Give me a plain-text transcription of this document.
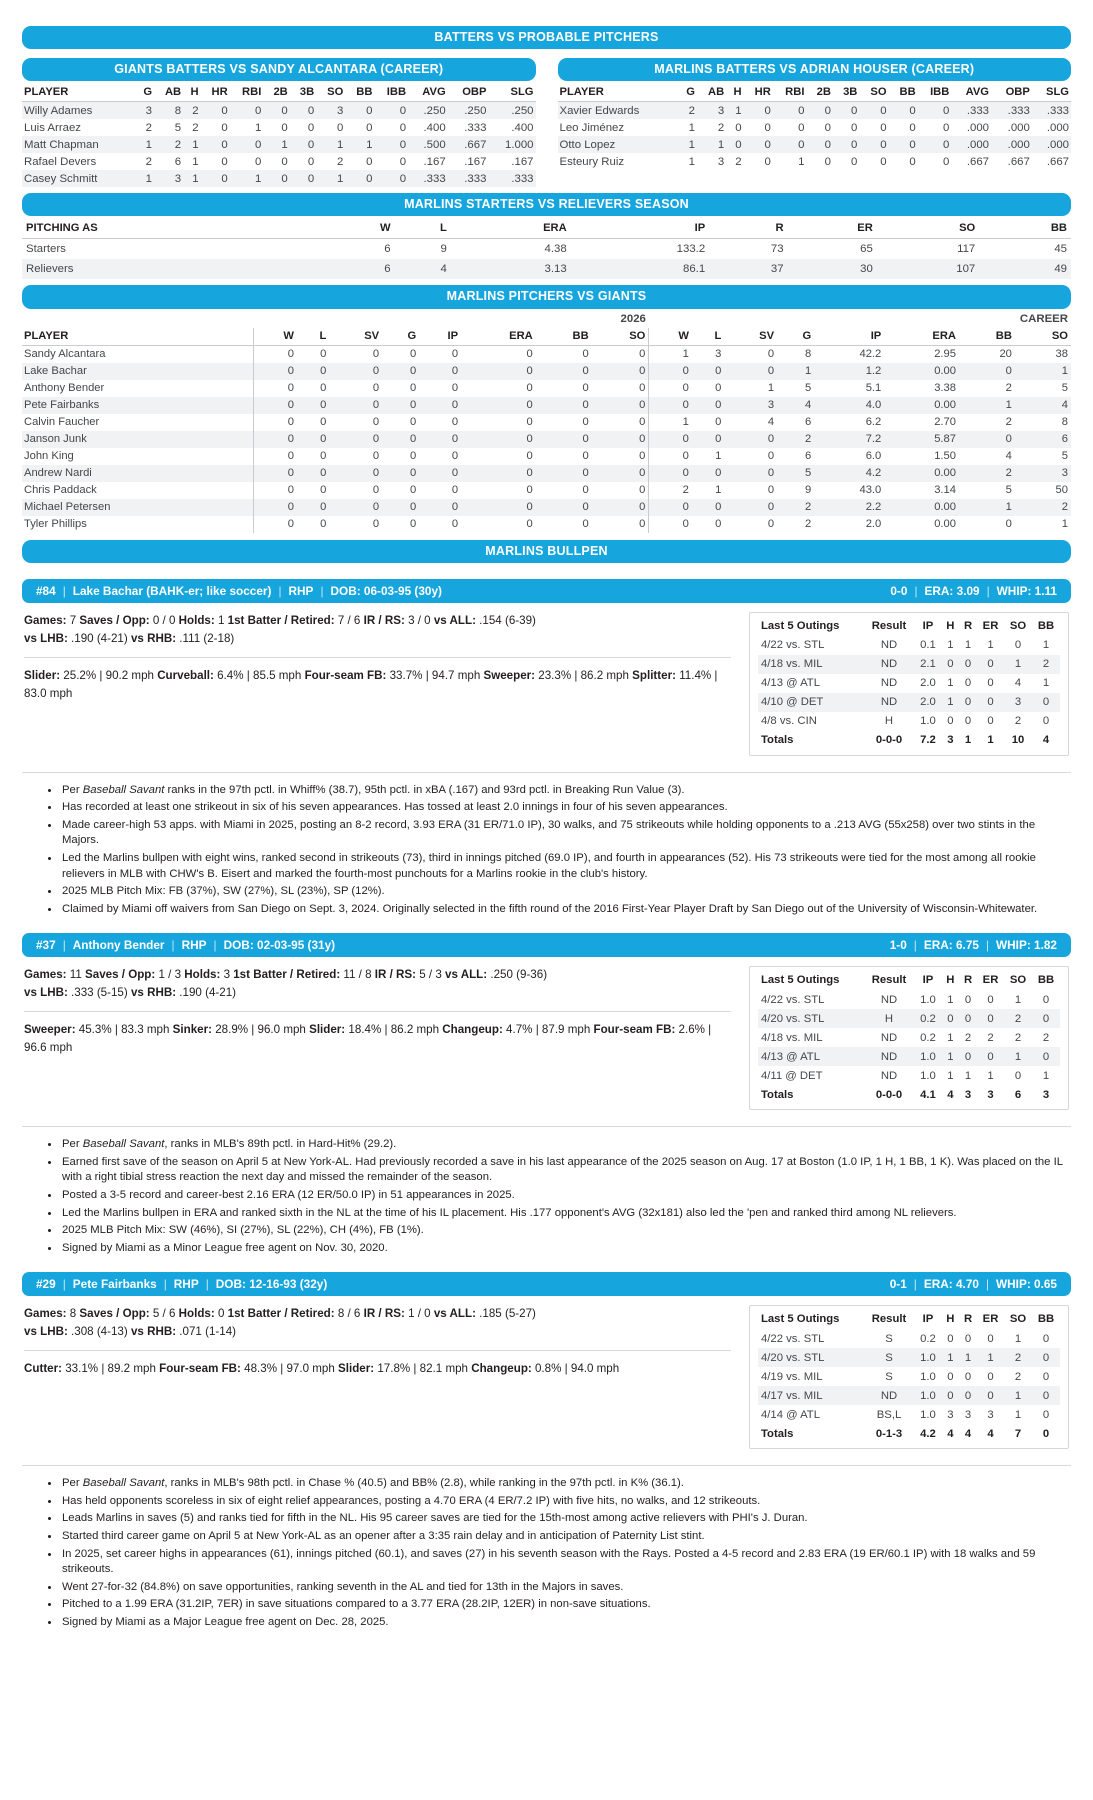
BATTERS VS PROBABLE PITCHERS
GIANTS BATTERS VS SANDY ALCANTARA (CAREER)
PLAYER	G	AB	H	HR	RBI	2B	3B	SO	BB	IBB	AVG	OBP	SLG
Willy Adames	3	8	2	0	0	0	0	3	0	0	.250	.250	.250
Luis Arraez	2	5	2	0	1	0	0	0	0	0	.400	.333	.400
Matt Chapman	1	2	1	0	0	1	0	1	1	0	.500	.667	1.000
Rafael Devers	2	6	1	0	0	0	0	2	0	0	.167	.167	.167
Casey Schmitt	1	3	1	0	1	0	0	1	0	0	.333	.333	.333
MARLINS BATTERS VS ADRIAN HOUSER (CAREER)
PLAYER	G	AB	H	HR	RBI	2B	3B	SO	BB	IBB	AVG	OBP	SLG
Xavier Edwards	2	3	1	0	0	0	0	0	0	0	.333	.333	.333
Leo Jiménez	1	2	0	0	0	0	0	0	0	0	.000	.000	.000
Otto Lopez	1	1	0	0	0	0	0	0	0	0	.000	.000	.000
Esteury Ruiz	1	3	2	0	1	0	0	0	0	0	.667	.667	.667
MARLINS STARTERS VS RELIEVERS SEASON
PITCHING AS	W	L	ERA	IP	R	ER	SO	BB
Starters	6	9	4.38	133.2	73	65	117	45
Relievers	6	4	3.13	86.1	37	30	107	49
MARLINS PITCHERS VS GIANTS
	2026								CAREER							
PLAYER	W	L	SV	G	IP	ERA	BB	SO	W	L	SV	G	IP	ERA	BB	SO
Sandy Alcantara	0	0	0	0	0	0	0	0	1	3	0	8	42.2	2.95	20	38
Lake Bachar	0	0	0	0	0	0	0	0	0	0	0	1	1.2	0.00	0	1
Anthony Bender	0	0	0	0	0	0	0	0	0	0	1	5	5.1	3.38	2	5
Pete Fairbanks	0	0	0	0	0	0	0	0	0	0	3	4	4.0	0.00	1	4
Calvin Faucher	0	0	0	0	0	0	0	0	1	0	4	6	6.2	2.70	2	8
Janson Junk	0	0	0	0	0	0	0	0	0	0	0	2	7.2	5.87	0	6
John King	0	0	0	0	0	0	0	0	0	1	0	6	6.0	1.50	4	5
Andrew Nardi	0	0	0	0	0	0	0	0	0	0	0	5	4.2	0.00	2	3
Chris Paddack	0	0	0	0	0	0	0	0	2	1	0	9	43.0	3.14	5	50
Michael Petersen	0	0	0	0	0	0	0	0	0	0	0	2	2.2	0.00	1	2
Tyler Phillips	0	0	0	0	0	0	0	0	0	0	0	2	2.0	0.00	0	1
MARLINS BULLPEN
#84 | Lake Bachar (BAHK-er; like soccer) | RHP | DOB: 06-03-95 (30y)	0-0 | ERA: 3.09 | WHIP: 1.11
Games: 7 Saves / Opp: 0 / 0 Holds: 1 1st Batter / Retired: 7 / 6 IR / RS: 3 / 0 vs ALL: .154 (6-39)
vs LHB: .190 (4-21) vs RHB: .111 (2-18)
Slider: 25.2% | 90.2 mph Curveball: 6.4% | 85.5 mph Four-seam FB: 33.7% | 94.7 mph Sweeper: 23.3% | 86.2 mph Splitter: 11.4% | 83.0 mph
Last 5 Outings	Result	IP	H	R	ER	SO	BB
4/22 vs. STL	ND	0.1	1	1	1	0	1
4/18 vs. MIL	ND	2.1	0	0	0	1	2
4/13 @ ATL	ND	2.0	1	0	0	4	1
4/10 @ DET	ND	2.0	1	0	0	3	0
4/8 vs. CIN	H	1.0	0	0	0	2	0
Totals	0-0-0	7.2	3	1	1	10	4
• Per Baseball Savant ranks in the 97th pctl. in Whiff% (38.7), 95th pctl. in xBA (.167) and 93rd pctl. in Breaking Run Value (3).
• Has recorded at least one strikeout in six of his seven appearances. Has tossed at least 2.0 innings in four of his seven appearances.
• Made career-high 53 apps. with Miami in 2025, posting an 8-2 record, 3.93 ERA (31 ER/71.0 IP), 30 walks, and 75 strikeouts while holding opponents to a .213 AVG (55x258) over two stints in the Majors.
• Led the Marlins bullpen with eight wins, ranked second in strikeouts (73), third in innings pitched (69.0 IP), and fourth in appearances (52). His 73 strikeouts were tied for the most among all rookie relievers in MLB with CHW's B. Eisert and marked the fourth-most punchouts for a Marlins rookie in the club's history.
• 2025 MLB Pitch Mix: FB (37%), SW (27%), SL (23%), SP (12%).
• Claimed by Miami off waivers from San Diego on Sept. 3, 2024. Originally selected in the fifth round of the 2016 First-Year Player Draft by San Diego out of the University of Wisconsin-Whitewater.
#37 | Anthony Bender | RHP | DOB: 02-03-95 (31y)	1-0 | ERA: 6.75 | WHIP: 1.82
Games: 11 Saves / Opp: 1 / 3 Holds: 3 1st Batter / Retired: 11 / 8 IR / RS: 5 / 3 vs ALL: .250 (9-36)
vs LHB: .333 (5-15) vs RHB: .190 (4-21)
Sweeper: 45.3% | 83.3 mph Sinker: 28.9% | 96.0 mph Slider: 18.4% | 86.2 mph Changeup: 4.7% | 87.9 mph Four-seam FB: 2.6% | 96.6 mph
Last 5 Outings	Result	IP	H	R	ER	SO	BB
4/22 vs. STL	ND	1.0	1	0	0	1	0
4/20 vs. STL	H	0.2	0	0	0	2	0
4/18 vs. MIL	ND	0.2	1	2	2	2	2
4/13 @ ATL	ND	1.0	1	0	0	1	0
4/11 @ DET	ND	1.0	1	1	1	0	1
Totals	0-0-0	4.1	4	3	3	6	3
• Per Baseball Savant, ranks in MLB's 89th pctl. in Hard-Hit% (29.2).
• Earned first save of the season on April 5 at New York-AL. Had previously recorded a save in his last appearance of the 2025 season on Aug. 17 at Boston (1.0 IP, 1 H, 1 BB, 1 K). Was placed on the IL with a right tibial stress reaction the next day and missed the remainder of the season.
• Posted a 3-5 record and career-best 2.16 ERA (12 ER/50.0 IP) in 51 appearances in 2025.
• Led the Marlins bullpen in ERA and ranked sixth in the NL at the time of his IL placement. His .177 opponent's AVG (32x181) also led the 'pen and ranked third among NL relievers.
• 2025 MLB Pitch Mix: SW (46%), SI (27%), SL (22%), CH (4%), FB (1%).
• Signed by Miami as a Minor League free agent on Nov. 30, 2020.
#29 | Pete Fairbanks | RHP | DOB: 12-16-93 (32y)	0-1 | ERA: 4.70 | WHIP: 0.65
Games: 8 Saves / Opp: 5 / 6 Holds: 0 1st Batter / Retired: 8 / 6 IR / RS: 1 / 0 vs ALL: .185 (5-27)
vs LHB: .308 (4-13) vs RHB: .071 (1-14)
Cutter: 33.1% | 89.2 mph Four-seam FB: 48.3% | 97.0 mph Slider: 17.8% | 82.1 mph Changeup: 0.8% | 94.0 mph
Last 5 Outings	Result	IP	H	R	ER	SO	BB
4/22 vs. STL	S	0.2	0	0	0	1	0
4/20 vs. STL	S	1.0	1	1	1	2	0
4/19 vs. MIL	S	1.0	0	0	0	2	0
4/17 vs. MIL	ND	1.0	0	0	0	1	0
4/14 @ ATL	BS,L	1.0	3	3	3	1	0
Totals	0-1-3	4.2	4	4	4	7	0
• Per Baseball Savant, ranks in MLB's 98th pctl. in Chase % (40.5) and BB% (2.8), while ranking in the 97th pctl. in K% (36.1).
• Has held opponents scoreless in six of eight relief appearances, posting a 4.70 ERA (4 ER/7.2 IP) with five hits, no walks, and 12 strikeouts.
• Leads Marlins in saves (5) and ranks tied for fifth in the NL. His 95 career saves are tied for the 15th-most among active relievers with PHI's J. Duran.
• Started third career game on April 5 at New York-AL as an opener after a 3:35 rain delay and in anticipation of Paternity List stint.
• In 2025, set career highs in appearances (61), innings pitched (60.1), and saves (27) in his seventh season with the Rays. Posted a 4-5 record and 2.83 ERA (19 ER/60.1 IP) with 18 walks and 59 strikeouts.
• Went 27-for-32 (84.8%) on save opportunities, ranking seventh in the AL and tied for 13th in the Majors in saves.
• Pitched to a 1.99 ERA (31.2IP, 7ER) in save situations compared to a 3.77 ERA (28.2IP, 12ER) in non-save situations.
• Signed by Miami as a Major League free agent on Dec. 28, 2025.
